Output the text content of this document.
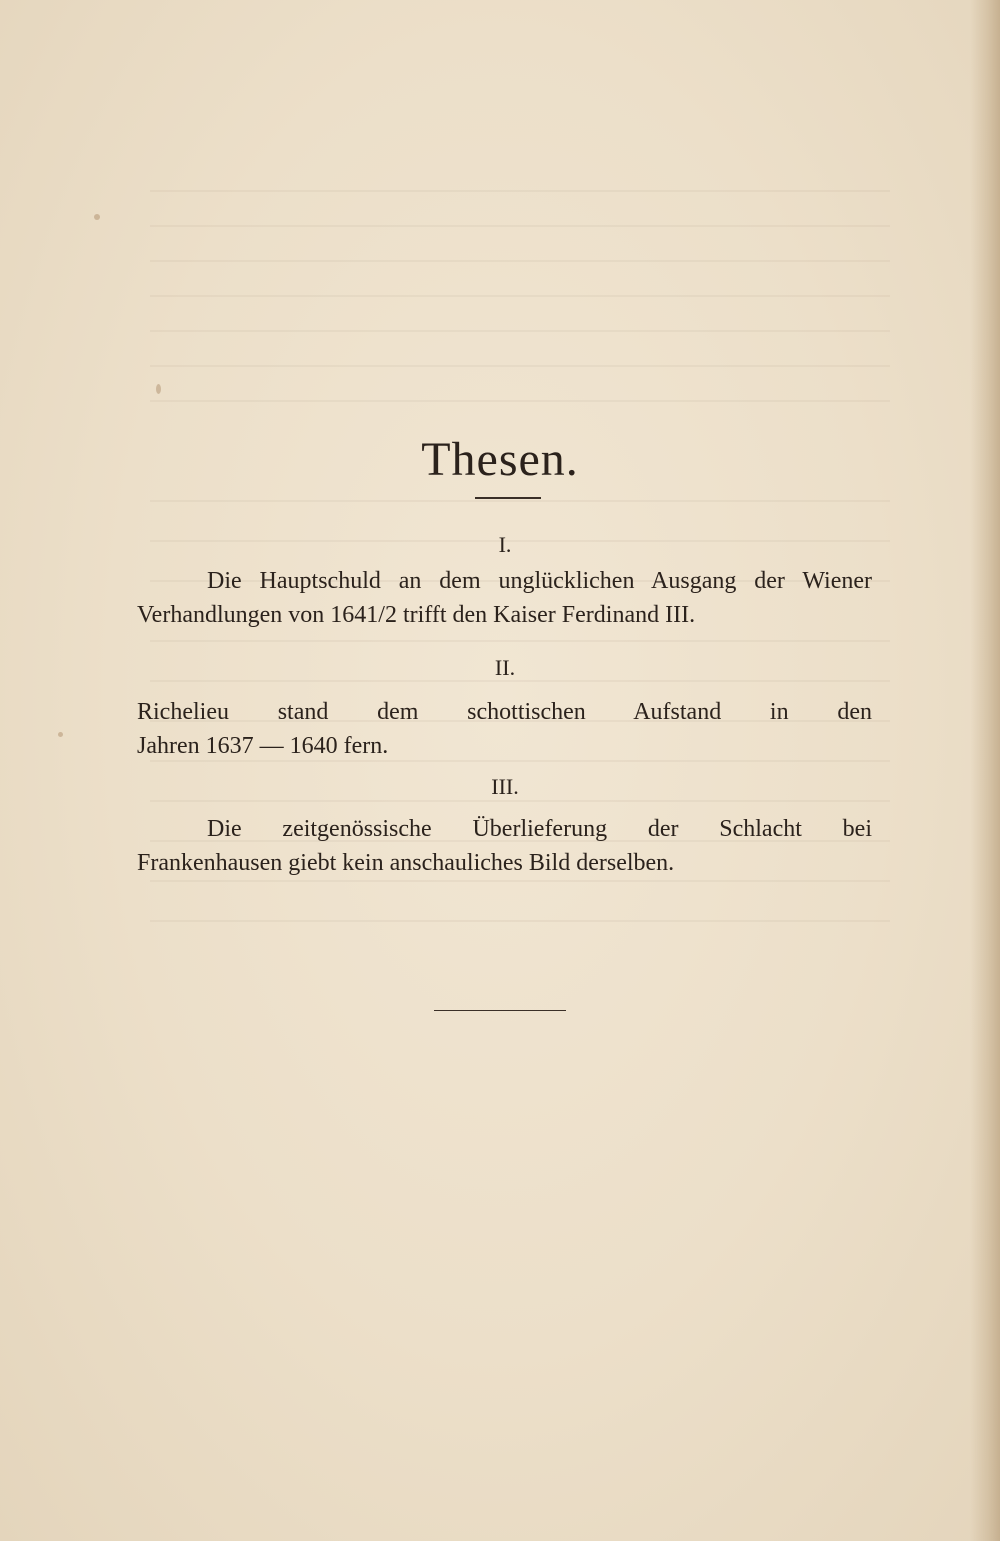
Thesen.
I.
Die Hauptschuld an dem unglücklichen Ausgang der Wiener
Verhandlungen von 1641/2 trifft den Kaiser Ferdinand III.
II.
Richelieu stand dem schottischen Aufstand in den
Jahren 1637 — 1640 fern.
III.
Die zeitgenössische Überlieferung der Schlacht bei
Frankenhausen giebt kein anschauliches Bild derselben.
